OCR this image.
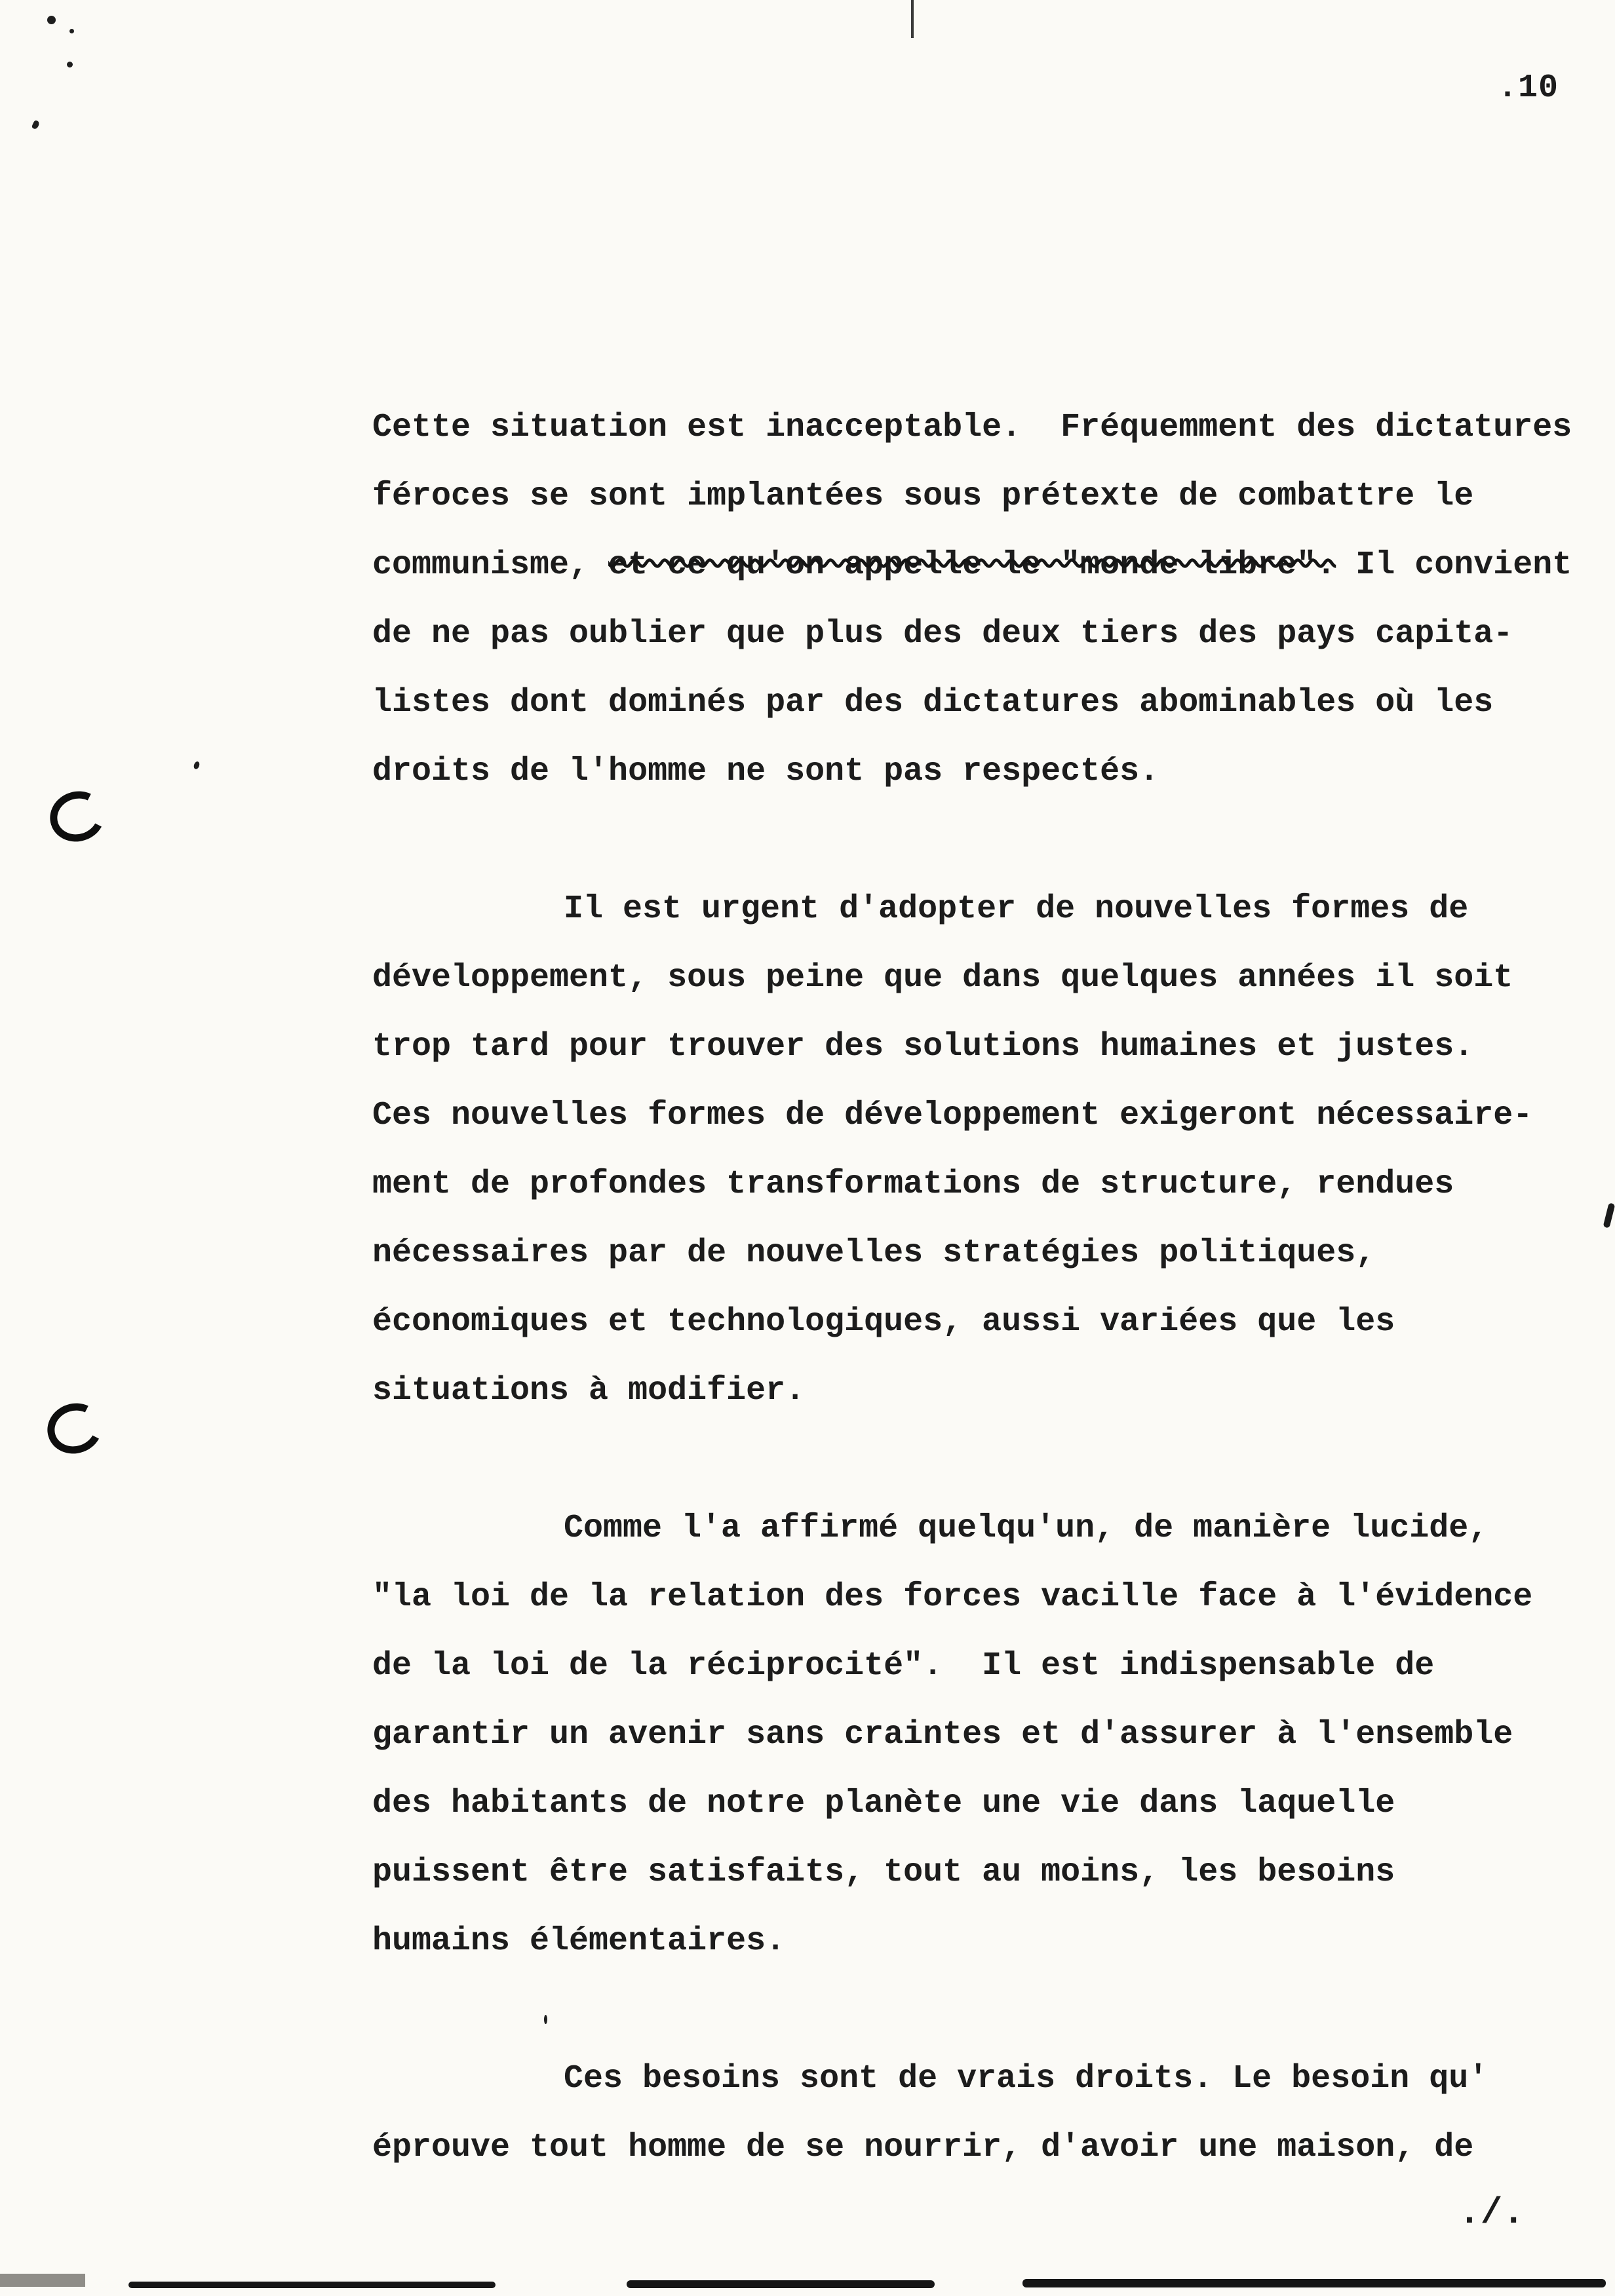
.10
Cette situation est inacceptable.  Fréquemment des dictatures
féroces se sont implantées sous prétexte de combattre le
communisme, et ce qu'on appelle le "monde libre". Il convient
de ne pas oublier que plus des deux tiers des pays capita-
listes dont dominés par des dictatures abominables où les
droits de l'homme ne sont pas respectés.
Il est urgent d'adopter de nouvelles formes de
développement, sous peine que dans quelques années il soit
trop tard pour trouver des solutions humaines et justes.
Ces nouvelles formes de développement exigeront nécessaire-
ment de profondes transformations de structure, rendues
nécessaires par de nouvelles stratégies politiques,
économiques et technologiques, aussi variées que les
situations à modifier.
Comme l'a affirmé quelqu'un, de manière lucide,
"la loi de la relation des forces vacille face à l'évidence
de la loi de la réciprocité".  Il est indispensable de
garantir un avenir sans craintes et d'assurer à l'ensemble
des habitants de notre planète une vie dans laquelle
puissent être satisfaits, tout au moins, les besoins
humains élémentaires.
Ces besoins sont de vrais droits. Le besoin qu'
éprouve tout homme de se nourrir, d'avoir une maison, de
./.
